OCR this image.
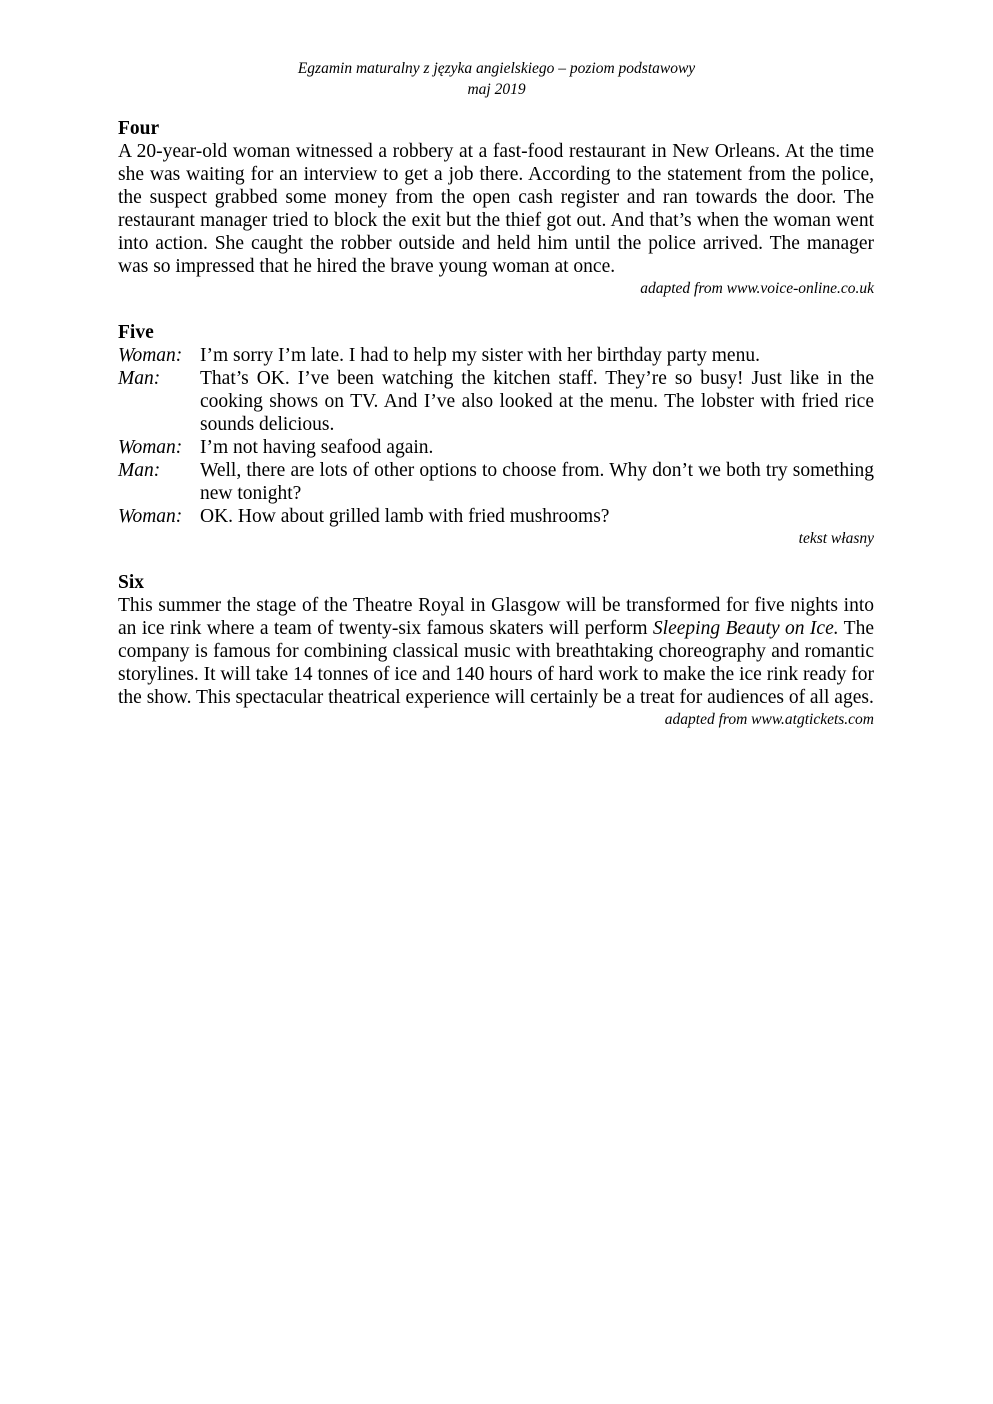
Egzamin maturalny z języka angielskiego – poziom podstawowy
maj 2019

Four

A 20-year-old woman witnessed a robbery at a fast-food restaurant in New Orleans. At the time she was waiting for an interview to get a job there. According to the statement from the police, the suspect grabbed some money from the open cash register and ran towards the door. The restaurant manager tried to block the exit but the thief got out. And that’s when the woman went into action. She caught the robber outside and held him until the police arrived. The manager was so impressed that he hired the brave young woman at once.

adapted from www.voice-online.co.uk

Five

Woman: I’m sorry I’m late. I had to help my sister with her birthday party menu.
Man:	That’s OK. I’ve been watching the kitchen staff. They’re so busy! Just like in the cooking shows on TV. And I’ve also looked at the menu. The lobster with fried rice sounds delicious.
Woman: I’m not having seafood again.
Man:	Well, there are lots of other options to choose from. Why don’t we both try something new tonight?
Woman: OK. How about grilled lamb with fried mushrooms?

tekst własny

Six

This summer the stage of the Theatre Royal in Glasgow will be transformed for five nights into an ice rink where a team of twenty-six famous skaters will perform Sleeping Beauty on Ice. The company is famous for combining classical music with breathtaking choreography and romantic storylines. It will take 14 tonnes of ice and 140 hours of hard work to make the ice rink ready for the show. This spectacular theatrical experience will certainly be a treat for audiences of all ages.

adapted from www.atgtickets.com
